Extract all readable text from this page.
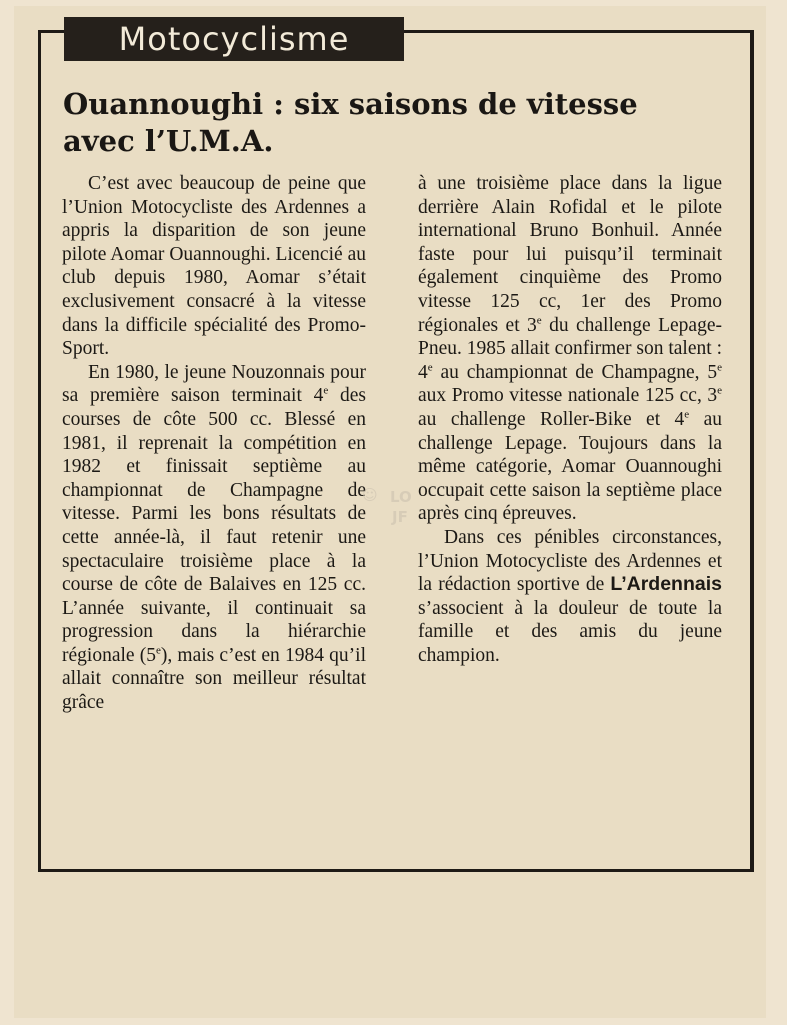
Motocyclisme
Ouannoughi : six saisons de vitesse
avec l’U.M.A.

C’est avec beaucoup de peine que l’Union Motocycliste des Ardennes a appris la disparition de son jeune pilote Aomar Ouannoughi. Licencié au club depuis 1980, Aomar s’était exclusivement consacré à la vitesse dans la difficile spécialité des Promo-Sport.

En 1980, le jeune Nouzonnais pour sa première saison terminait 4e des courses de côte 500 cc. Blessé en 1981, il reprenait la compétition en 1982 et finissait septième au championnat de Champagne de vitesse. Parmi les bons résultats de cette année-là, il faut retenir une spectaculaire troisième place à la course de côte de Balaives en 125 cc. L’année suivante, il continuait sa progression dans la hiérarchie régionale (5e), mais c’est en 1984 qu’il allait connaître son meilleur résultat grâce

à une troisième place dans la ligue derrière Alain Rofidal et le pilote international Bruno Bonhuil. Année faste pour lui puisqu’il terminait également cinquième des Promo vitesse 125 cc, 1er des Promo régionales et 3e du challenge Lepage-Pneu. 1985 allait confirmer son talent : 4e au championnat de Champagne, 5e aux Promo vitesse nationale 125 cc, 3e au challenge Roller-Bike et 4e au challenge Lepage. Toujours dans la même catégorie, Aomar Ouannoughi occupait cette saison la septième place après cinq épreuves.

Dans ces pénibles circonstances, l’Union Motocycliste des Ardennes et la rédaction sportive de L’Ardennais s’associent à la douleur de toute la famille et des amis du jeune champion.

☺ LO
JF
